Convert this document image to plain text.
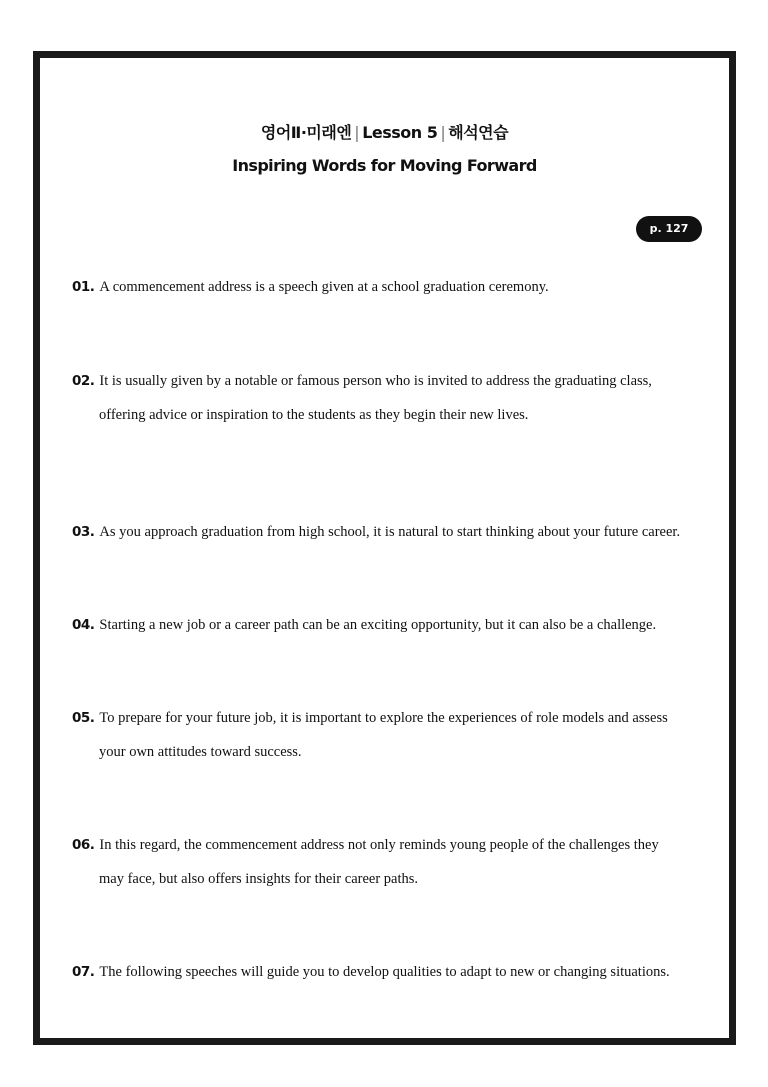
영어Ⅱ·미래엔 | Lesson 5 | 해석연습
Inspiring Words for Moving Forward
p. 127
01. A commencement address is a speech given at a school graduation ceremony.
02. It is usually given by a notable or famous person who is invited to address the graduating class,
offering advice or inspiration to the students as they begin their new lives.
03. As you approach graduation from high school, it is natural to start thinking about your future career.
04. Starting a new job or a career path can be an exciting opportunity, but it can also be a challenge.
05. To prepare for your future job, it is important to explore the experiences of role models and assess
your own attitudes toward success.
06. In this regard, the commencement address not only reminds young people of the challenges they
may face, but also offers insights for their career paths.
07. The following speeches will guide you to develop qualities to adapt to new or changing situations.
